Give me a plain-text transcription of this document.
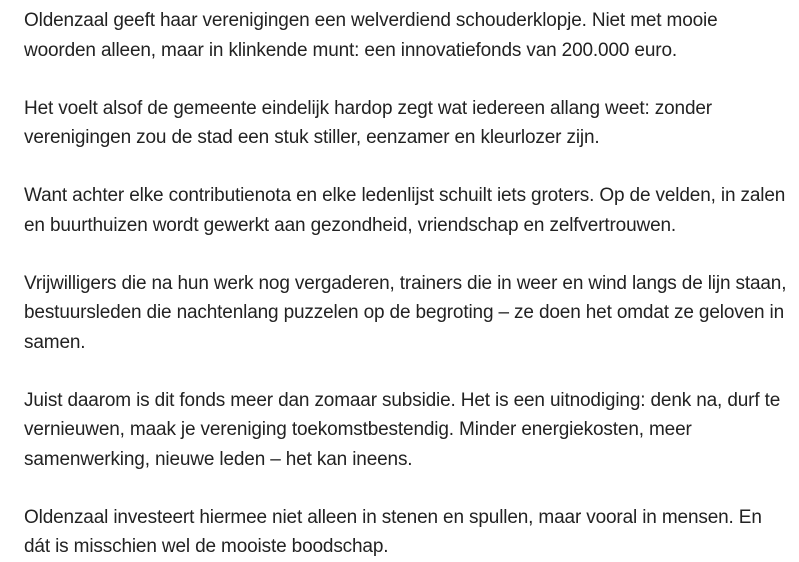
Oldenzaal geeft haar verenigingen een welverdiend schouderklopje. Niet met mooie woorden alleen, maar in klinkende munt: een innovatiefonds van 200.000 euro.

Het voelt alsof de gemeente eindelijk hardop zegt wat iedereen allang weet: zonder verenigingen zou de stad een stuk stiller, eenzamer en kleurlozer zijn.

Want achter elke contributienota en elke ledenlijst schuilt iets groters. Op de velden, in zalen en buurthuizen wordt gewerkt aan gezondheid, vriendschap en zelfvertrouwen.

Vrijwilligers die na hun werk nog vergaderen, trainers die in weer en wind langs de lijn staan, bestuursleden die nachtenlang puzzelen op de begroting – ze doen het omdat ze geloven in samen.

Juist daarom is dit fonds meer dan zomaar subsidie. Het is een uitnodiging: denk na, durf te vernieuwen, maak je vereniging toekomstbestendig. Minder energiekosten, meer samenwerking, nieuwe leden – het kan ineens.

Oldenzaal investeert hiermee niet alleen in stenen en spullen, maar vooral in mensen. En dát is misschien wel de mooiste boodschap.
